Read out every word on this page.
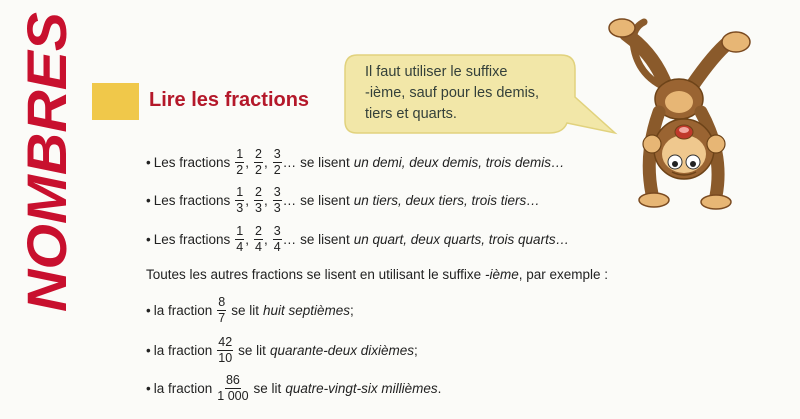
NOMBRES	Lire les fractions
Il faut utiliser le suffixe
-ième, sauf pour les demis,
tiers et quarts.
• Les fractions $\frac{1}{2}$ , $\frac{2}{2}$ , $\frac{3}{2}$ … se lisent un demi, deux demis, trois demis…
• Les fractions $\frac{1}{3}$ , $\frac{2}{3}$ , $\frac{3}{3}$ … se lisent un tiers, deux tiers, trois tiers…
• Les fractions $\frac{1}{4}$ , $\frac{2}{4}$ , $\frac{3}{4}$ … se lisent un quart, deux quarts, trois quarts…
Toutes les autres fractions se lisent en utilisant le suffixe -ième, par exemple :
• la fraction $\frac{8}{7}$ se lit huit septièmes ;
• la fraction $\frac{42}{10}$ se lit quarante-deux dixièmes ;
• la fraction $\frac{86}{1 000}$ se lit quatre-vingt-six millièmes .
